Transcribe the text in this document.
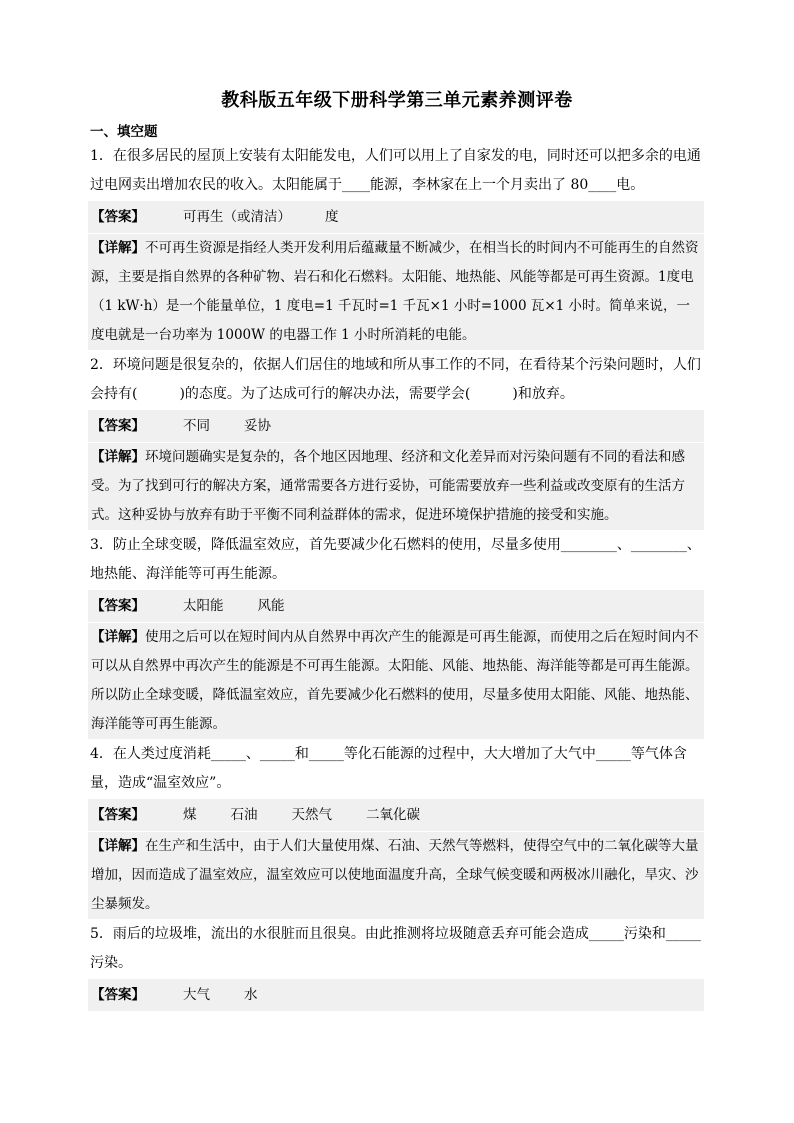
教科版五年级下册科学第三单元素养测评卷
一、填空题

1．在很多居民的屋顶上安装有太阳能发电，人们可以用上了自家发的电，同时还可以把多余的电通过电网卖出增加农民的收入。太阳能属于____能源，李林家在上一个月卖出了 80____电。

【答案】	可再生（或清洁）	度
【详解】不可再生资源是指经人类开发利用后蕴藏量不断减少，在相当长的时间内不可能再生的自然资源，主要是指自然界的各种矿物、岩石和化石燃料。太阳能、地热能、风能等都是可再生资源。1度电（1 kW·h）是一个能量单位，1 度电=1 千瓦时=1 千瓦×1 小时=1000 瓦×1 小时。简单来说，一度电就是一台功率为 1000W 的电器工作 1 小时所消耗的电能。

2．环境问题是很复杂的，依据人们居住的地域和所从事工作的不同，在看待某个污染问题时，人们会持有(　　　)的态度。为了达成可行的解决办法，需要学会(　　　)和放弃。

【答案】	不同	妥协
【详解】环境问题确实是复杂的，各个地区因地理、经济和文化差异而对污染问题有不同的看法和感受。为了找到可行的解决方案，通常需要各方进行妥协，可能需要放弃一些利益或改变原有的生活方式。这种妥协与放弃有助于平衡不同利益群体的需求，促进环境保护措施的接受和实施。

3．防止全球变暖，降低温室效应，首先要减少化石燃料的使用，尽量多使用________、________、地热能、海洋能等可再生能源。

【答案】	太阳能	风能
【详解】使用之后可以在短时间内从自然界中再次产生的能源是可再生能源，而使用之后在短时间内不可以从自然界中再次产生的能源是不可再生能源。太阳能、风能、地热能、海洋能等都是可再生能源。所以防止全球变暖，降低温室效应，首先要减少化石燃料的使用，尽量多使用太阳能、风能、地热能、海洋能等可再生能源。

4．在人类过度消耗_____、_____和_____等化石能源的过程中，大大增加了大气中_____等气体含量，造成“温室效应”。

【答案】	煤	石油	天然气	二氧化碳
【详解】在生产和生活中，由于人们大量使用煤、石油、天然气等燃料，使得空气中的二氧化碳等大量增加，因而造成了温室效应，温室效应可以使地面温度升高，全球气候变暖和两极冰川融化，旱灾、沙尘暴频发。

5．雨后的垃圾堆，流出的水很脏而且很臭。由此推测将垃圾随意丢弃可能会造成_____污染和_____污染。

【答案】	大气	水
